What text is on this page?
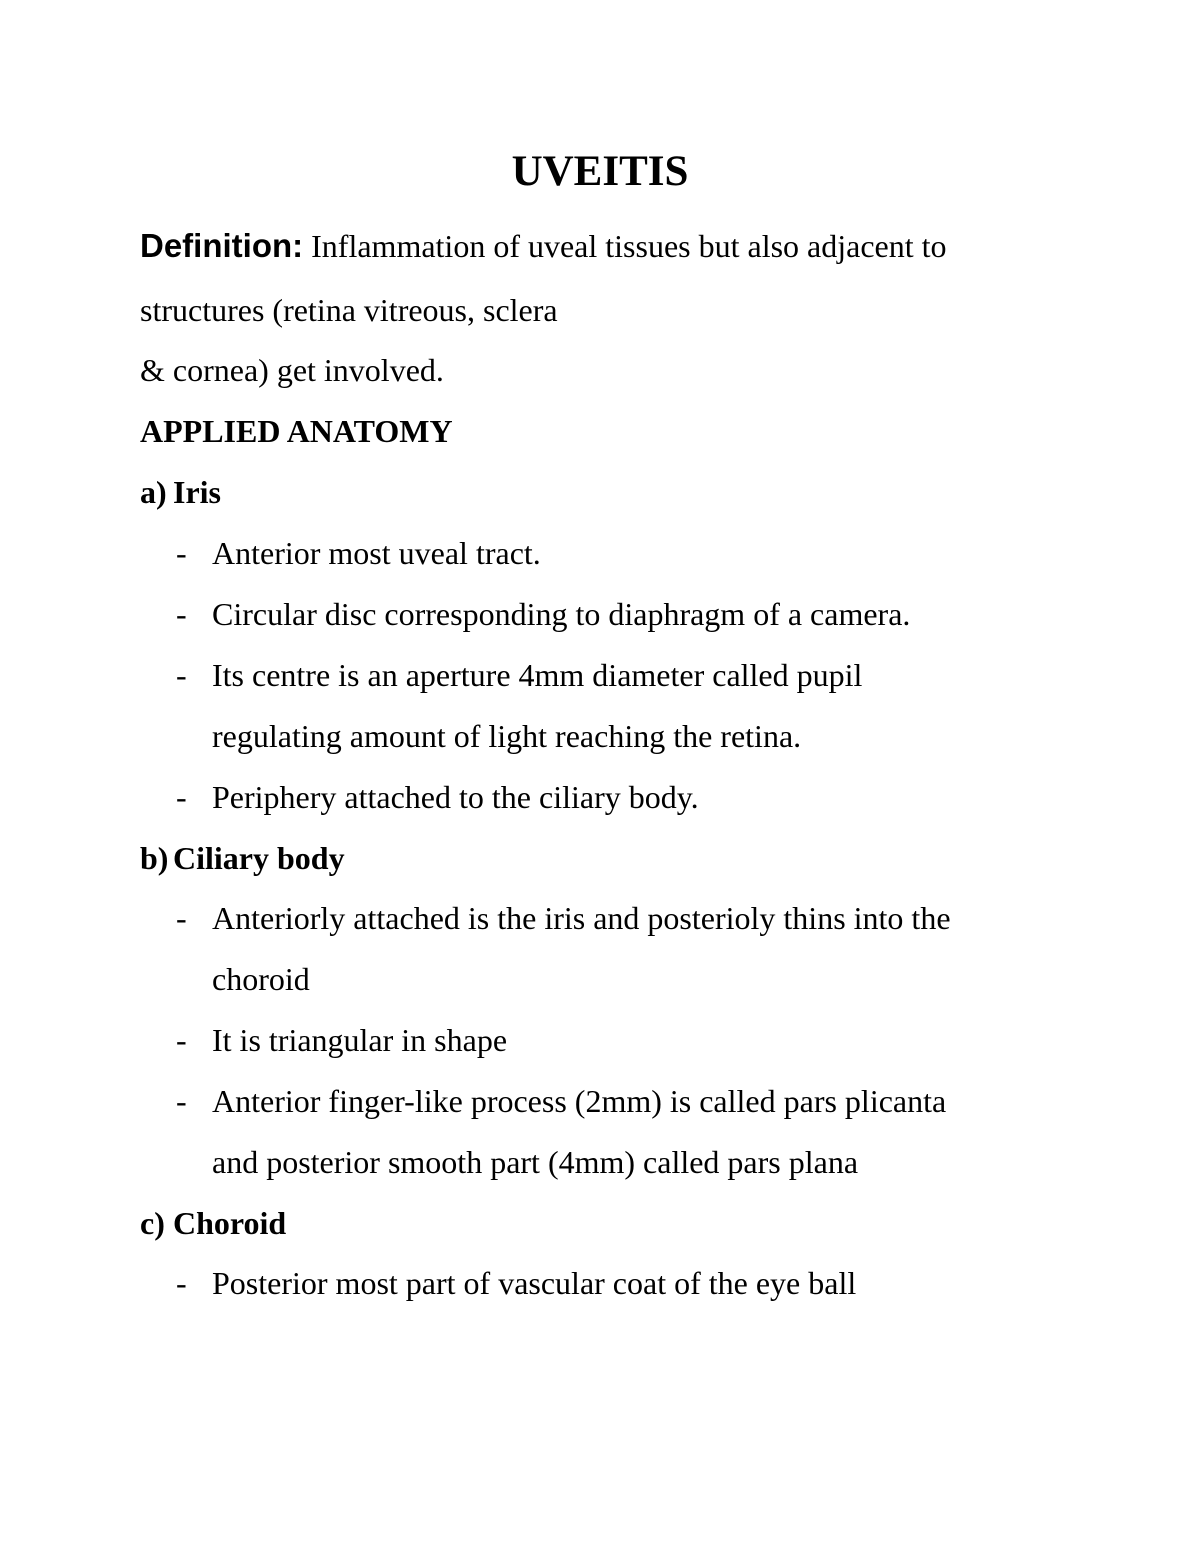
UVEITIS
Definition: Inflammation of uveal tissues but also adjacent to
structures (retina vitreous, sclera
& cornea) get involved.
APPLIED ANATOMY
a) Iris
- Anterior most uveal tract.
- Circular disc corresponding to diaphragm of a camera.
- Its centre is an aperture 4mm diameter called pupil
regulating amount of light reaching the retina.
- Periphery attached to the ciliary body.
b) Ciliary body
- Anteriorly attached is the iris and posterioly thins into the
choroid
- It is triangular in shape
- Anterior finger-like process (2mm) is called pars plicanta
and posterior smooth part (4mm) called pars plana
c) Choroid
- Posterior most part of vascular coat of the eye ball
